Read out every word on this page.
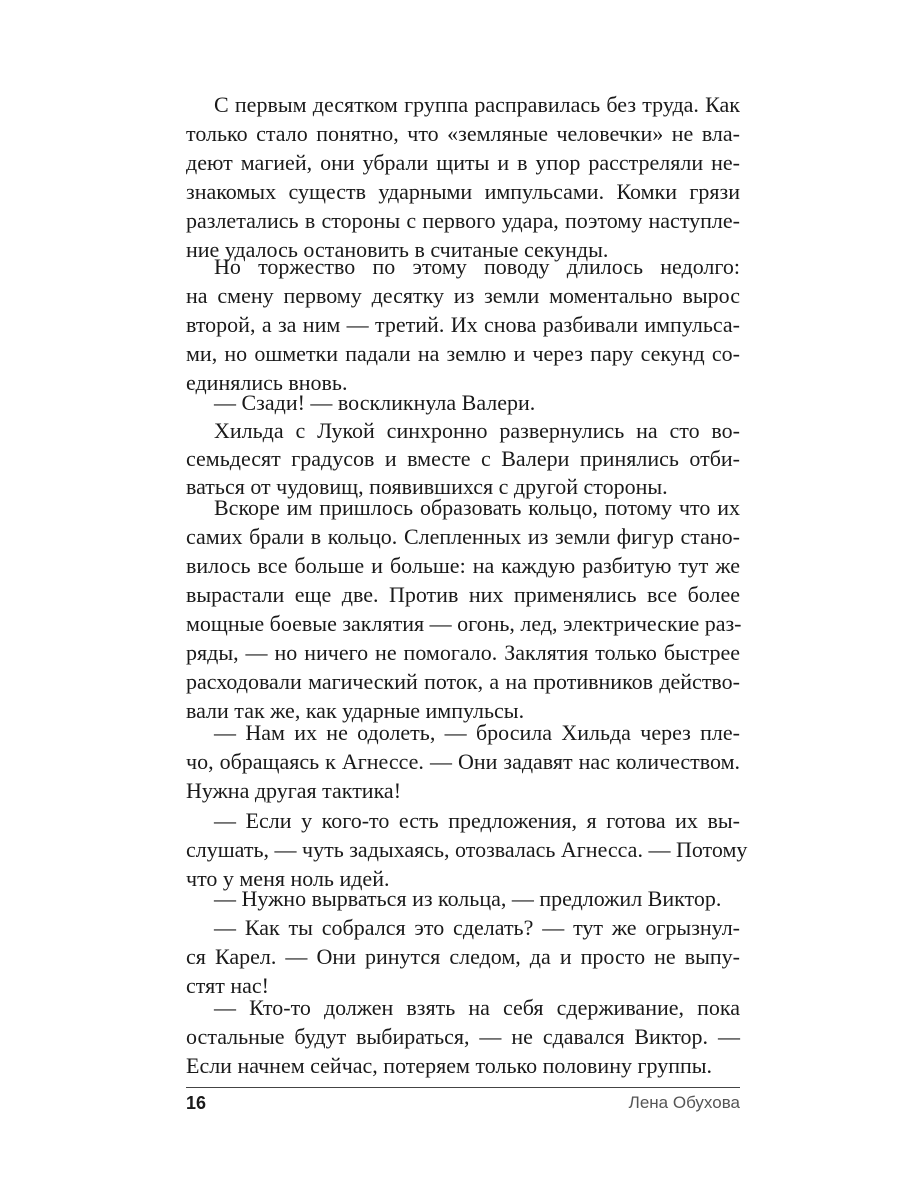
С первым десятком группа расправилась без труда. Как
только стало понятно, что «земляные человечки» не вла-
деют магией, они убрали щиты и в упор расстреляли не-
знакомых существ ударными импульсами. Комки грязи
разлетались в стороны с первого удара, поэтому наступле-
ние удалось остановить в считаные секунды.
Но торжество по этому поводу длилось недолго:
на смену первому десятку из земли моментально вырос
второй, а за ним — третий. Их снова разбивали импульса-
ми, но ошметки падали на землю и через пару секунд со-
единялись вновь.
— Сзади! — воскликнула Валери.
Хильда с Лукой синхронно развернулись на сто во-
семьдесят градусов и вместе с Валери принялись отби-
ваться от чудовищ, появившихся с другой стороны.
Вскоре им пришлось образовать кольцо, потому что их
самих брали в кольцо. Слепленных из земли фигур стано-
вилось все больше и больше: на каждую разбитую тут же
вырастали еще две. Против них применялись все более
мощные боевые заклятия — огонь, лед, электрические раз-
ряды, — но ничего не помогало. Заклятия только быстрее
расходовали магический поток, а на противников действо-
вали так же, как ударные импульсы.
— Нам их не одолеть, — бросила Хильда через пле-
чо, обращаясь к Агнессе. — Они задавят нас количеством.
Нужна другая тактика!
— Если у кого-то есть предложения, я готова их вы-
слушать, — чуть задыхаясь, отозвалась Агнесса. — Потому
что у меня ноль идей.
— Нужно вырваться из кольца, — предложил Виктор.
— Как ты собрался это сделать? — тут же огрызнул-
ся Карел. — Они ринутся следом, да и просто не выпу-
стят нас!
— Кто-то должен взять на себя сдерживание, пока
остальные будут выбираться, — не сдавался Виктор. —
Если начнем сейчас, потеряем только половину группы.
16	Лена Обухова
